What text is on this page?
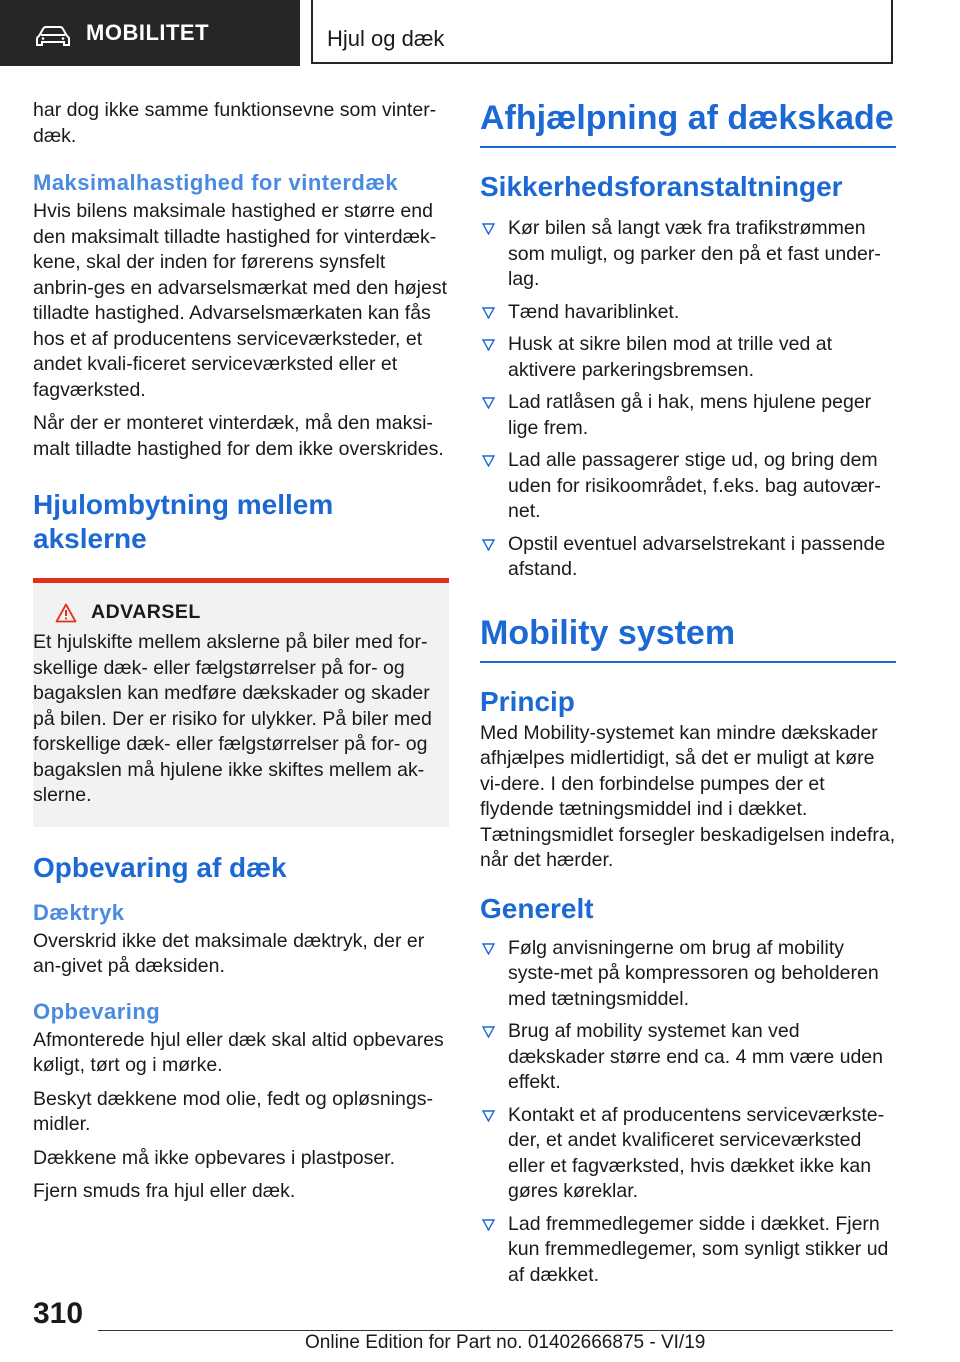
MOBILITET	Hjul og dæk

har dog ikke samme funktionsevne som vinter-dæk.

Maksimalhastighed for vinterdæk

Hvis bilens maksimale hastighed er større end den maksimalt tilladte hastighed for vinterdæk-kene, skal der inden for førerens synsfelt anbrin-ges en advarselsmærkat med den højest tilladte hastighed. Advarselsmærkaten kan fås hos et af producentens serviceværksteder, et andet kvali-ficeret serviceværksted eller et fagværksted.

Når der er monteret vinterdæk, må den maksi-malt tilladte hastighed for dem ikke overskrides.

Hjulombytning mellem akslerne
ADVARSEL

Et hjulskifte mellem akslerne på biler med for-skellige dæk- eller fælgstørrelser på for- og bagakslen kan medføre dækskader og skader på bilen. Der er risiko for ulykker. På biler med forskellige dæk- eller fælgstørrelser på for- og bagakslen må hjulene ikke skiftes mellem ak-slerne.

Opbevaring af dæk
Dæktryk

Overskrid ikke det maksimale dæktryk, der er an-givet på dæksiden.

Opbevaring

Afmonterede hjul eller dæk skal altid opbevares køligt, tørt og i mørke.

Beskyt dækkene mod olie, fedt og opløsnings-midler.

Dækkene må ikke opbevares i plastposer.

Fjern smuds fra hjul eller dæk.

Afhjælpning af dækskade
Sikkerhedsforanstaltninger
Kør bilen så langt væk fra trafikstrømmen som muligt, og parker den på et fast under-lag.
Tænd havariblinket.
Husk at sikre bilen mod at trille ved at aktivere parkeringsbremsen.
Lad ratlåsen gå i hak, mens hjulene peger lige frem.
Lad alle passagerer stige ud, og bring dem uden for risikoområdet, f.eks. bag autovær-net.
Opstil eventuel advarselstrekant i passende afstand.
Mobility system
Princip

Med Mobility-systemet kan mindre dækskader afhjælpes midlertidigt, så det er muligt at køre vi-dere. I den forbindelse pumpes der et flydende tætningsmiddel ind i dækket. Tætningsmidlet forsegler beskadigelsen indefra, når det hærder.

Generelt
Følg anvisningerne om brug af mobility syste-met på kompressoren og beholderen med tætningsmiddel.
Brug af mobility systemet kan ved dækskader større end ca. 4 mm være uden effekt.
Kontakt et af producentens serviceværkste-der, et andet kvalificeret serviceværksted eller et fagværksted, hvis dækket ikke kan gøres køreklar.
Lad fremmedlegemer sidde i dækket. Fjern kun fremmedlegemer, som synligt stikker ud af dækket.
310
Online Edition for Part no. 01402666875 - VI/19
